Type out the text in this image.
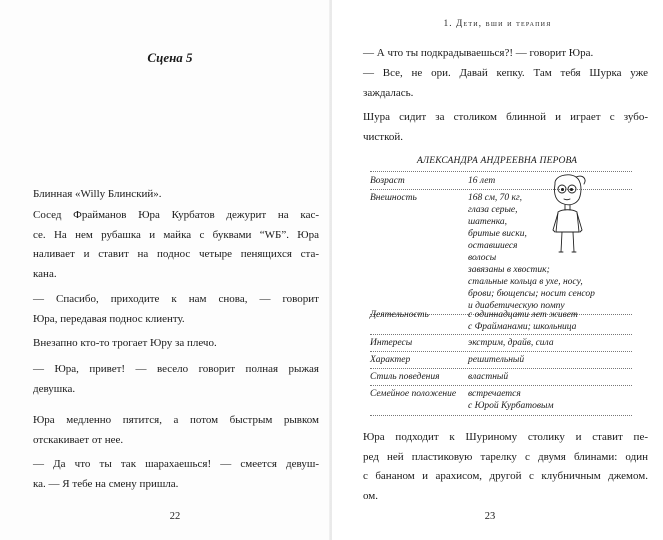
Сцена 5

Блинная «Willy Блинский».

Сосед Фрайманов Юра Курбатов дежурит на кас-
се. На нем рубашка и майка с буквами “WБ”. Юра
наливает и ставит на поднос четыре пенящихся ста-
кана.

— Спасибо, приходите к нам снова, — говорит
Юра, передавая поднос клиенту.

Внезапно кто-то трогает Юру за плечо.

— Юра, привет! — весело говорит полная рыжая
девушка.

Юра медленно пятится, а потом быстрым рывком
отскакивает от нее.

— Да что ты так шарахаешься! — смеется девуш-
ка. — Я тебе на смену пришла.

22
1. Дети, вши и терапия

— А что ты подкрадываешься?! — говорит Юра.

— Все, не ори. Давай кепку. Там тебя Шурка уже
заждалась.

Шура сидит за столиком блинной и играет с зубо-
чисткой.

АЛЕКСАНДРА АНДРЕЕВНА ПЕРОВА
Возраст	16 лет
Внешность	168 см, 70 кг,
глаза серые,
шатенка,
бритые виски,
оставшиеся
волосы
завязаны в хвостик;
стальные кольца в ухе, носу,
брови; бющепсы; носит сенсор
и диабетическую помпу
Деятельность	с одиннадцати лет живет
с Фрайманами; школьница
Интересы	экстрим, драйв, сила
Характер	решительный
Стиль поведения	властный
Семейное положение	встречается
с Юрой Курбатовым

Юра подходит к Шуриному столику и ставит пе-
ред ней пластиковую тарелку с двумя блинами: один
с бананом и арахисом, другой с клубничным джемом.
ом.

23
